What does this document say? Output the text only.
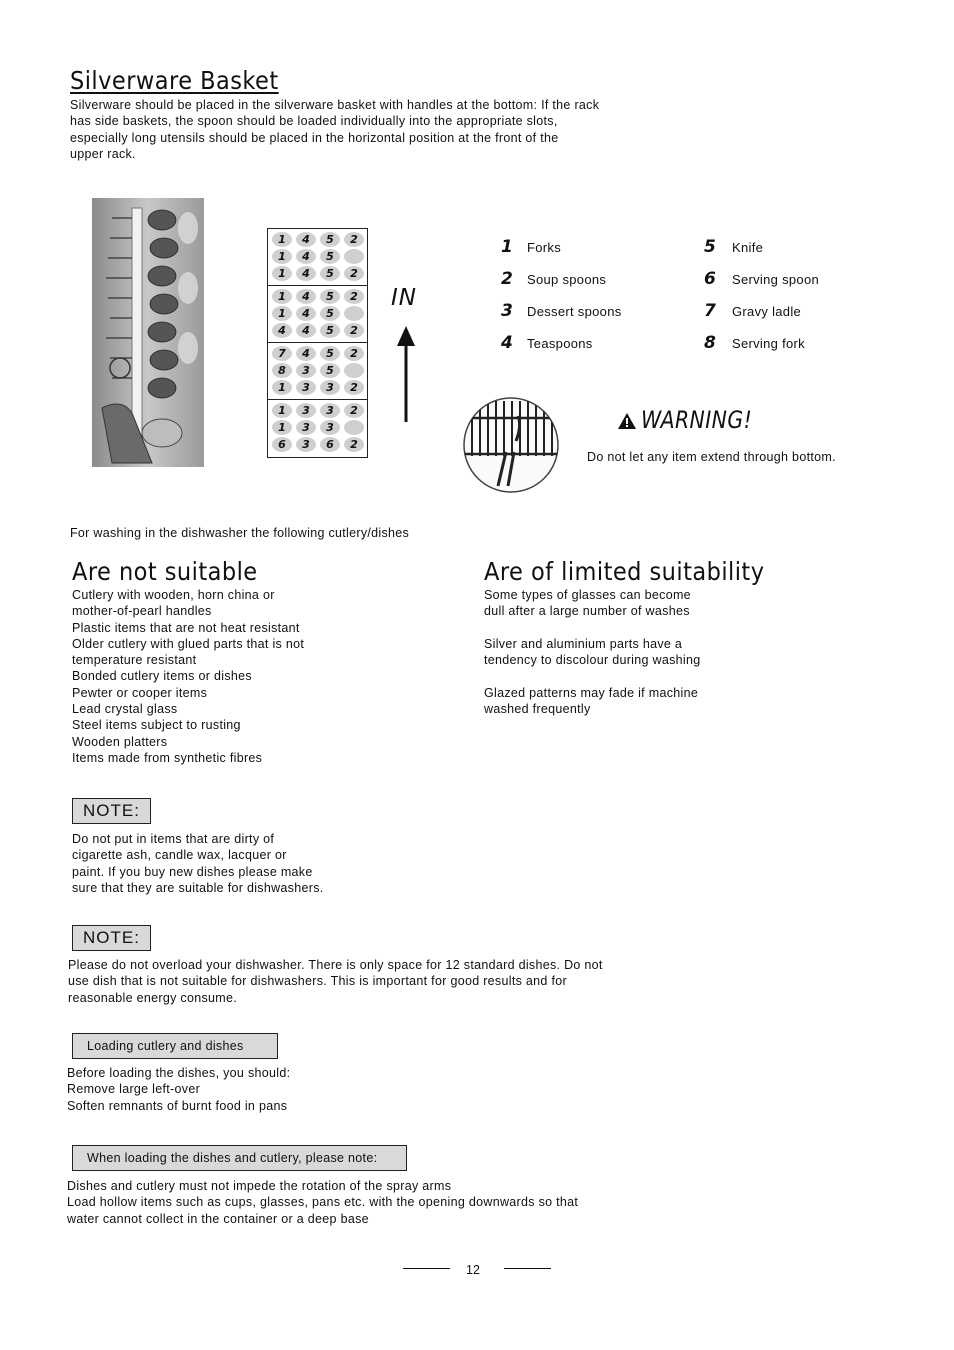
Silverware Basket
Silverware should be placed in the silverware basket with handles at the bottom: If the rack
has side baskets, the spoon should be loaded individually into the appropriate slots,
especially long utensils should be placed in the horizontal position at the front of the
upper rack.
1	4	5	2
1	4	5
1	4	5	2
1	4	5	2
1	4	5
4	4	5	2
7	4	5	2
8	3	5
1	3	3	2
1	3	3	2
1	3	3
6	3	6	2
IN
1	Forks
2	Soup spoons
3	Dessert spoons
4	Teaspoons
5	Knife
6	Serving spoon
7	Gravy ladle
8	Serving fork
WARNING!
Do not let any item extend through bottom.
For washing in the dishwasher the following cutlery/dishes
Are not suitable
Cutlery with wooden, horn china or
mother-of-pearl handles
Plastic items that are not heat resistant
Older cutlery with glued parts that is not
temperature resistant
Bonded cutlery items or dishes
Pewter or cooper items
Lead crystal glass
Steel items subject to rusting
Wooden platters
Items made from synthetic fibres
Are of limited suitability
Some types of glasses can become
dull after a large number of washes

Silver and aluminium parts have a
tendency to discolour during washing

Glazed patterns may fade if machine
washed frequently
NOTE:
Do not put in items that are dirty of
cigarette ash, candle wax, lacquer or
paint. If you buy new dishes please make
sure that they are suitable for dishwashers.
NOTE:
Please do not overload your dishwasher. There is only space for 12 standard dishes. Do not
use dish that is not suitable for dishwashers. This is important for good results and for
reasonable energy consume.
Loading cutlery and dishes
Before loading the dishes, you should:
Remove large left-over
Soften remnants of burnt food in pans
When loading the dishes and cutlery, please note:
Dishes and cutlery must not impede the rotation of the spray arms
Load hollow items such as cups, glasses, pans etc. with the opening downwards so that
water cannot collect in the container or a deep base
12
